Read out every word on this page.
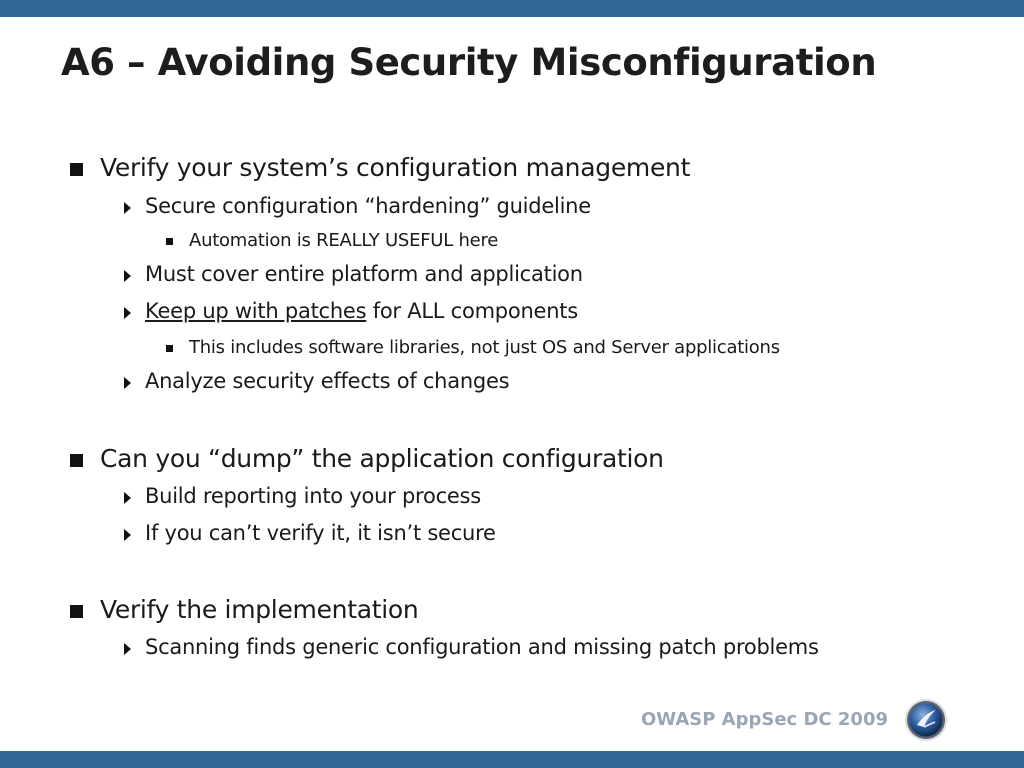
A6 – Avoiding Security Misconfiguration
Verify your system’s configuration management
Secure configuration “hardening” guideline
Automation is REALLY USEFUL here
Must cover entire platform and application
Keep up with patches for ALL components
This includes software libraries, not just OS and Server applications
Analyze security effects of changes
Can you “dump” the application configuration
Build reporting into your process
If you can’t verify it, it isn’t secure
Verify the implementation
Scanning finds generic configuration and missing patch problems
OWASP AppSec DC 2009
